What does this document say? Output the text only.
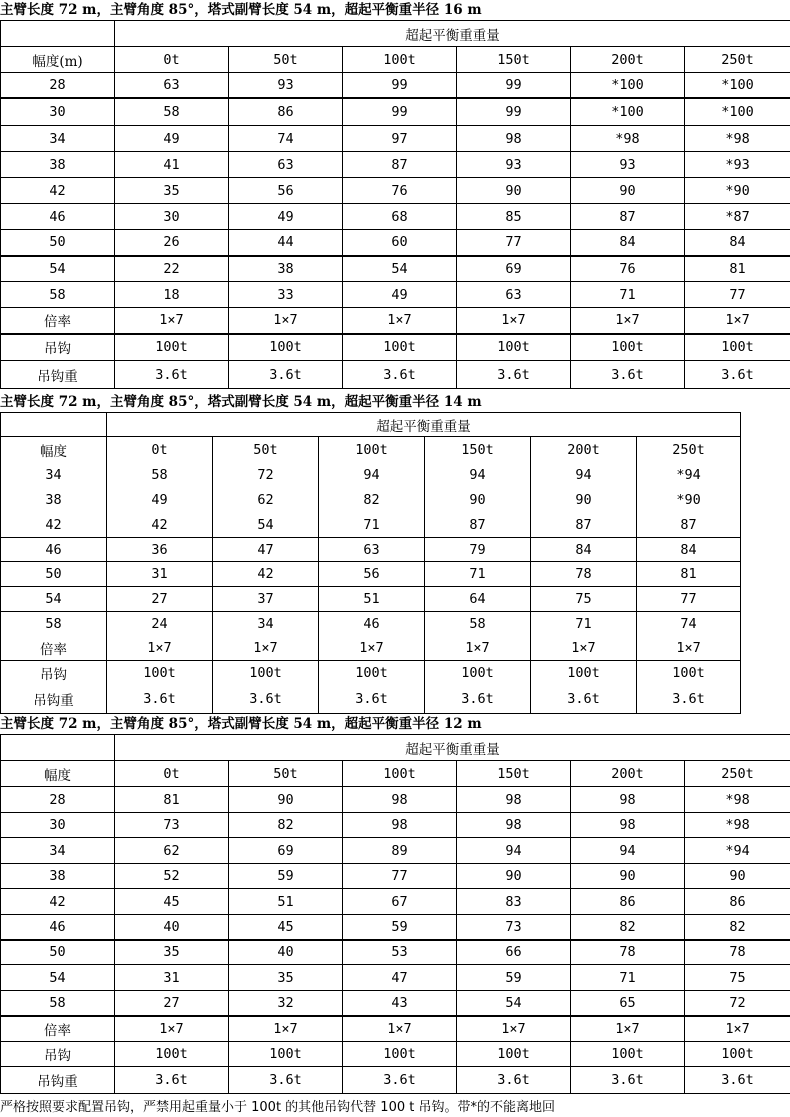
主臂长度 72 m，主臂角度 85°，塔式副臂长度 54 m，超起平衡重半径 16 m
	超起平衡重重量					
幅度(m)	0t	50t	100t	150t	200t	250t
28	63	93	99	99	*100	*100
30	58	86	99	99	*100	*100
34	49	74	97	98	*98	*98
38	41	63	87	93	93	*93
42	35	56	76	90	90	*90
46	30	49	68	85	87	*87
50	26	44	60	77	84	84
54	22	38	54	69	76	81
58	18	33	49	63	71	77
倍率	1×7	1×7	1×7	1×7	1×7	1×7
吊钩	100t	100t	100t	100t	100t	100t
吊钩重	3.6t	3.6t	3.6t	3.6t	3.6t	3.6t
主臂长度 72 m，主臂角度 85°，塔式副臂长度 54 m，超起平衡重半径 14 m
	超起平衡重重量					
幅度	0t	50t	100t	150t	200t	250t
34	58	72	94	94	94	*94
38	49	62	82	90	90	*90
42	42	54	71	87	87	87
46	36	47	63	79	84	84
50	31	42	56	71	78	81
54	27	37	51	64	75	77
58	24	34	46	58	71	74
倍率	1×7	1×7	1×7	1×7	1×7	1×7
吊钩	100t	100t	100t	100t	100t	100t
吊钩重	3.6t	3.6t	3.6t	3.6t	3.6t	3.6t
主臂长度 72 m，主臂角度 85°，塔式副臂长度 54 m，超起平衡重半径 12 m
	超起平衡重重量					
幅度	0t	50t	100t	150t	200t	250t
28	81	90	98	98	98	*98
30	73	82	98	98	98	*98
34	62	69	89	94	94	*94
38	52	59	77	90	90	90
42	45	51	67	83	86	86
46	40	45	59	73	82	82
50	35	40	53	66	78	78
54	31	35	47	59	71	75
58	27	32	43	54	65	72
倍率	1×7	1×7	1×7	1×7	1×7	1×7
吊钩	100t	100t	100t	100t	100t	100t
吊钩重	3.6t	3.6t	3.6t	3.6t	3.6t	3.6t
严格按照要求配置吊钩，严禁用起重量小于 100t 的其他吊钩代替 100 t 吊钩。带*的不能离地回
